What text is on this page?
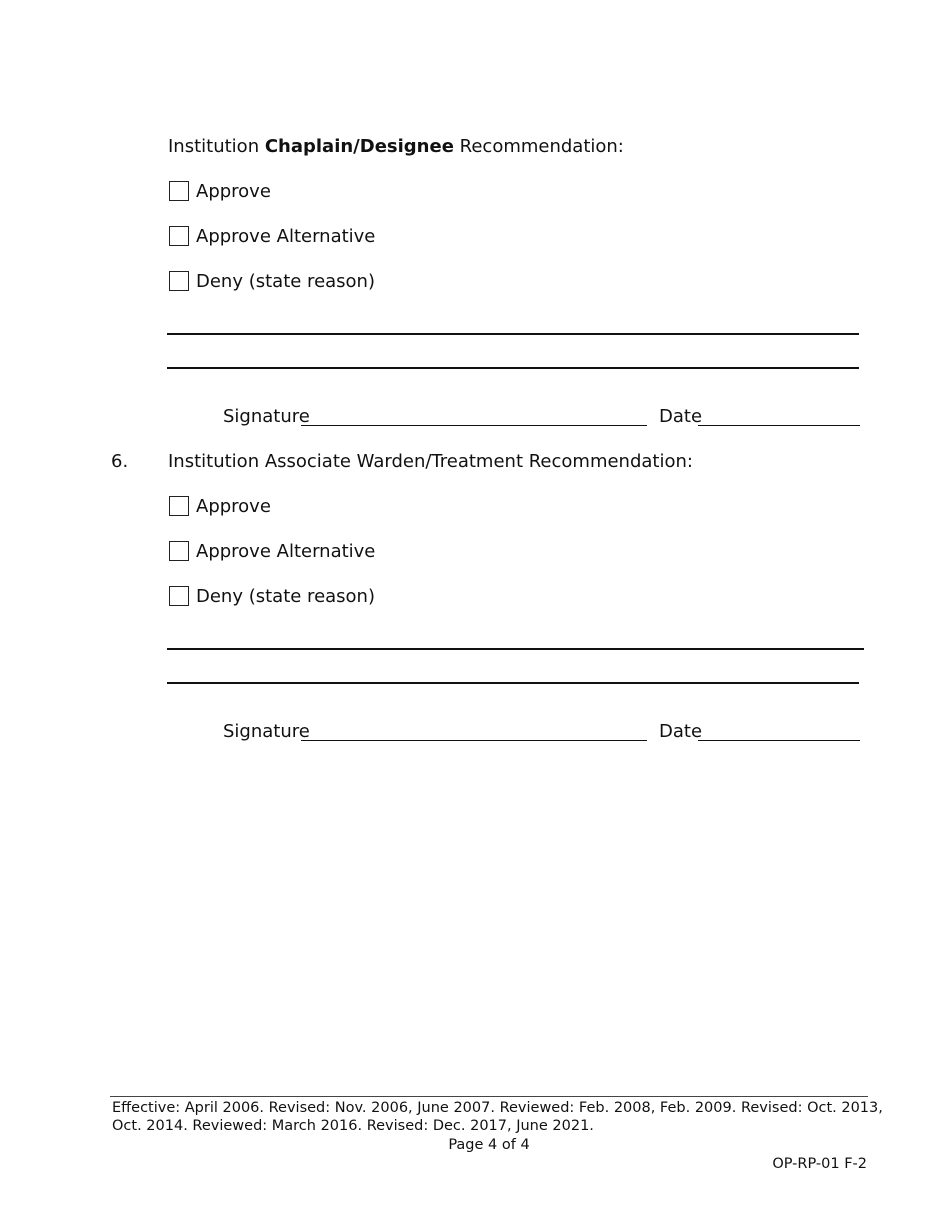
Institution Chaplain/Designee Recommendation:
Approve
Approve Alternative
Deny (state reason)
Signature	Date
6. Institution Associate Warden/Treatment Recommendation:
Approve
Approve Alternative
Deny (state reason)
Signature	Date
Effective: April 2006. Revised: Nov. 2006, June 2007. Reviewed: Feb. 2008, Feb. 2009. Revised: Oct. 2013,
Oct. 2014. Reviewed: March 2016. Revised: Dec. 2017, June 2021.
Page 4 of 4
OP-RP-01 F-2
